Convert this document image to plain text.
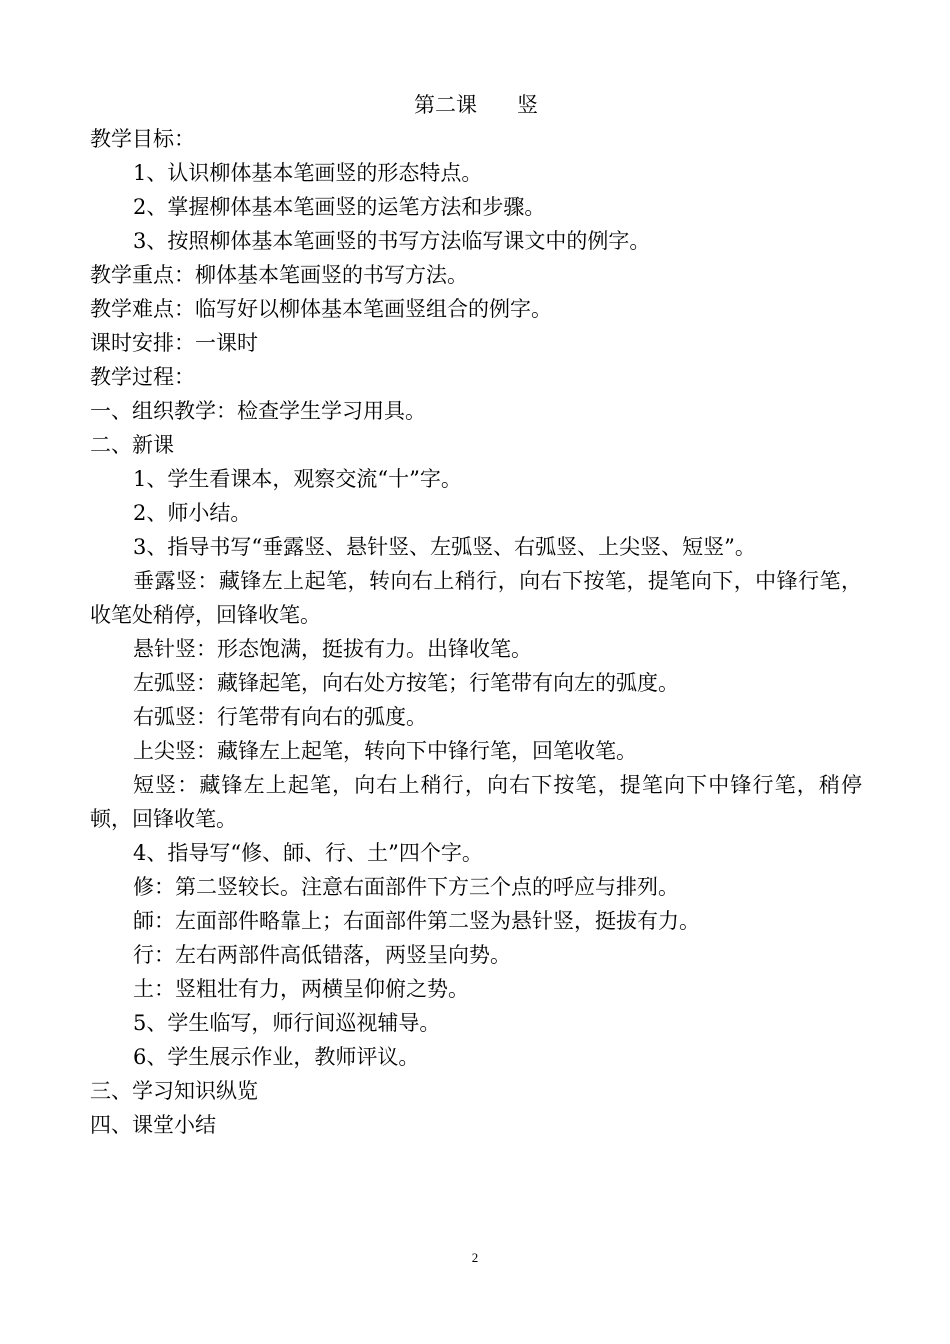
第二课      竖

教学目标：

1、认识柳体基本笔画竖的形态特点。

2、掌握柳体基本笔画竖的运笔方法和步骤。

3、按照柳体基本笔画竖的书写方法临写课文中的例字。

教学重点：柳体基本笔画竖的书写方法。

教学难点：临写好以柳体基本笔画竖组合的例字。

课时安排：一课时

教学过程：

一、组织教学：检查学生学习用具。

二、新课

1、学生看课本，观察交流“十”字。

2、师小结。

3、指导书写“垂露竖、悬针竖、左弧竖、右弧竖、上尖竖、短竖”。

垂露竖：藏锋左上起笔，转向右上稍行，向右下按笔，提笔向下，中锋行笔，收笔处稍停，回锋收笔。

悬针竖：形态饱满，挺拔有力。出锋收笔。

左弧竖：藏锋起笔，向右处方按笔；行笔带有向左的弧度。

右弧竖：行笔带有向右的弧度。

上尖竖：藏锋左上起笔，转向下中锋行笔，回笔收笔。

短竖：藏锋左上起笔，向右上稍行，向右下按笔，提笔向下中锋行笔，稍停顿，回锋收笔。

4、指导写“修、師、行、土”四个字。

修：第二竖较长。注意右面部件下方三个点的呼应与排列。

師：左面部件略靠上；右面部件第二竖为悬针竖，挺拔有力。

行：左右两部件高低错落，两竖呈向势。

土：竖粗壮有力，两横呈仰俯之势。

5、学生临写，师行间巡视辅导。

6、学生展示作业，教师评议。

三、学习知识纵览

四、课堂小结

2
